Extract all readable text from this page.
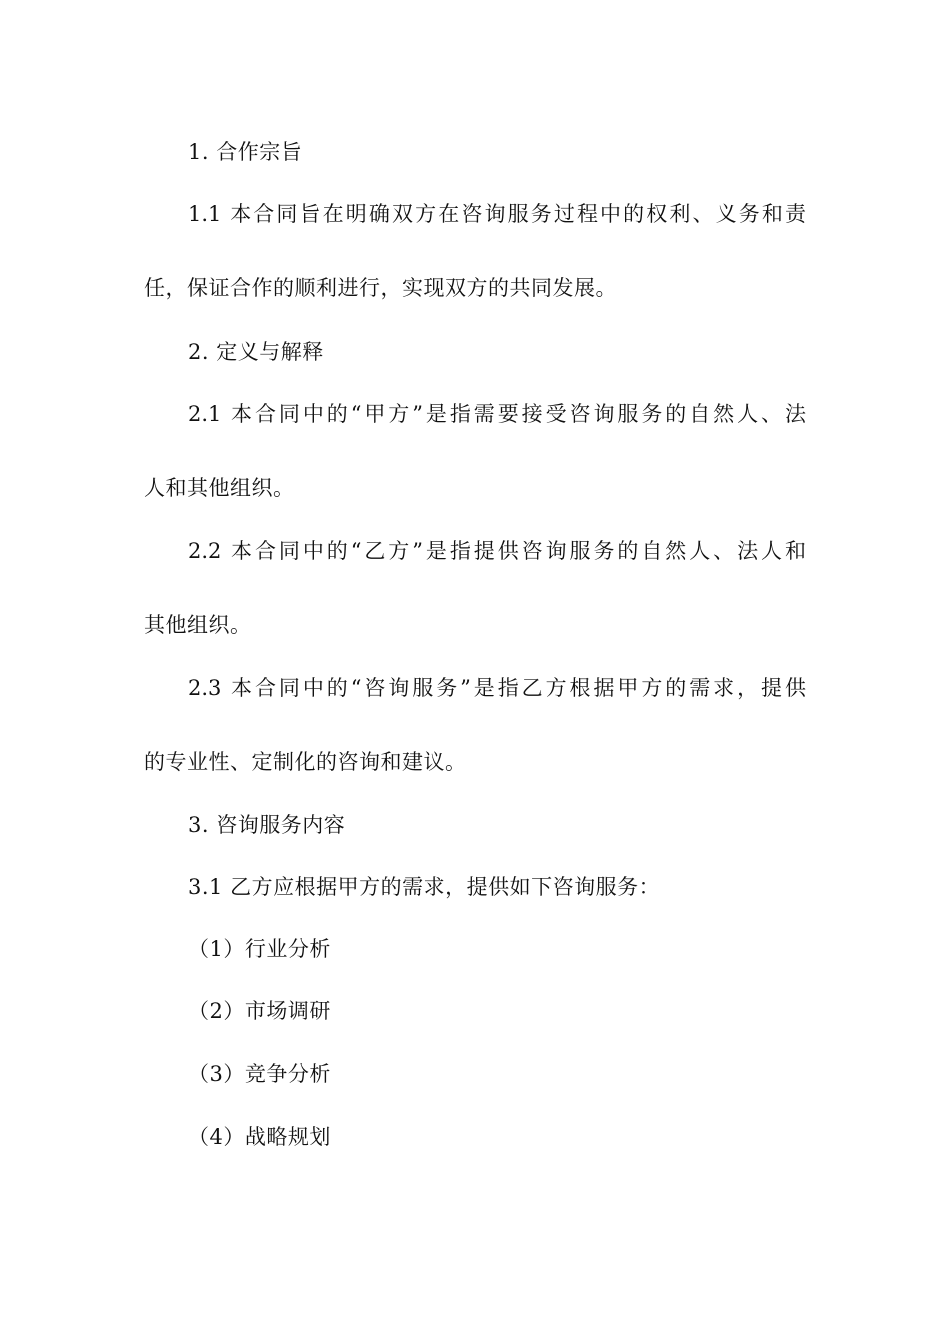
1. 合作宗旨
1.1 本合同旨在明确双方在咨询服务过程中的权利、义务和责
任，保证合作的顺利进行，实现双方的共同发展。
2. 定义与解释
2.1 本合同中的“甲方”是指需要接受咨询服务的自然人、法
人和其他组织。
2.2 本合同中的“乙方”是指提供咨询服务的自然人、法人和
其他组织。
2.3 本合同中的“咨询服务”是指乙方根据甲方的需求，提供
的专业性、定制化的咨询和建议。
3. 咨询服务内容
3.1 乙方应根据甲方的需求，提供如下咨询服务：
（1）行业分析
（2）市场调研
（3）竞争分析
（4）战略规划
